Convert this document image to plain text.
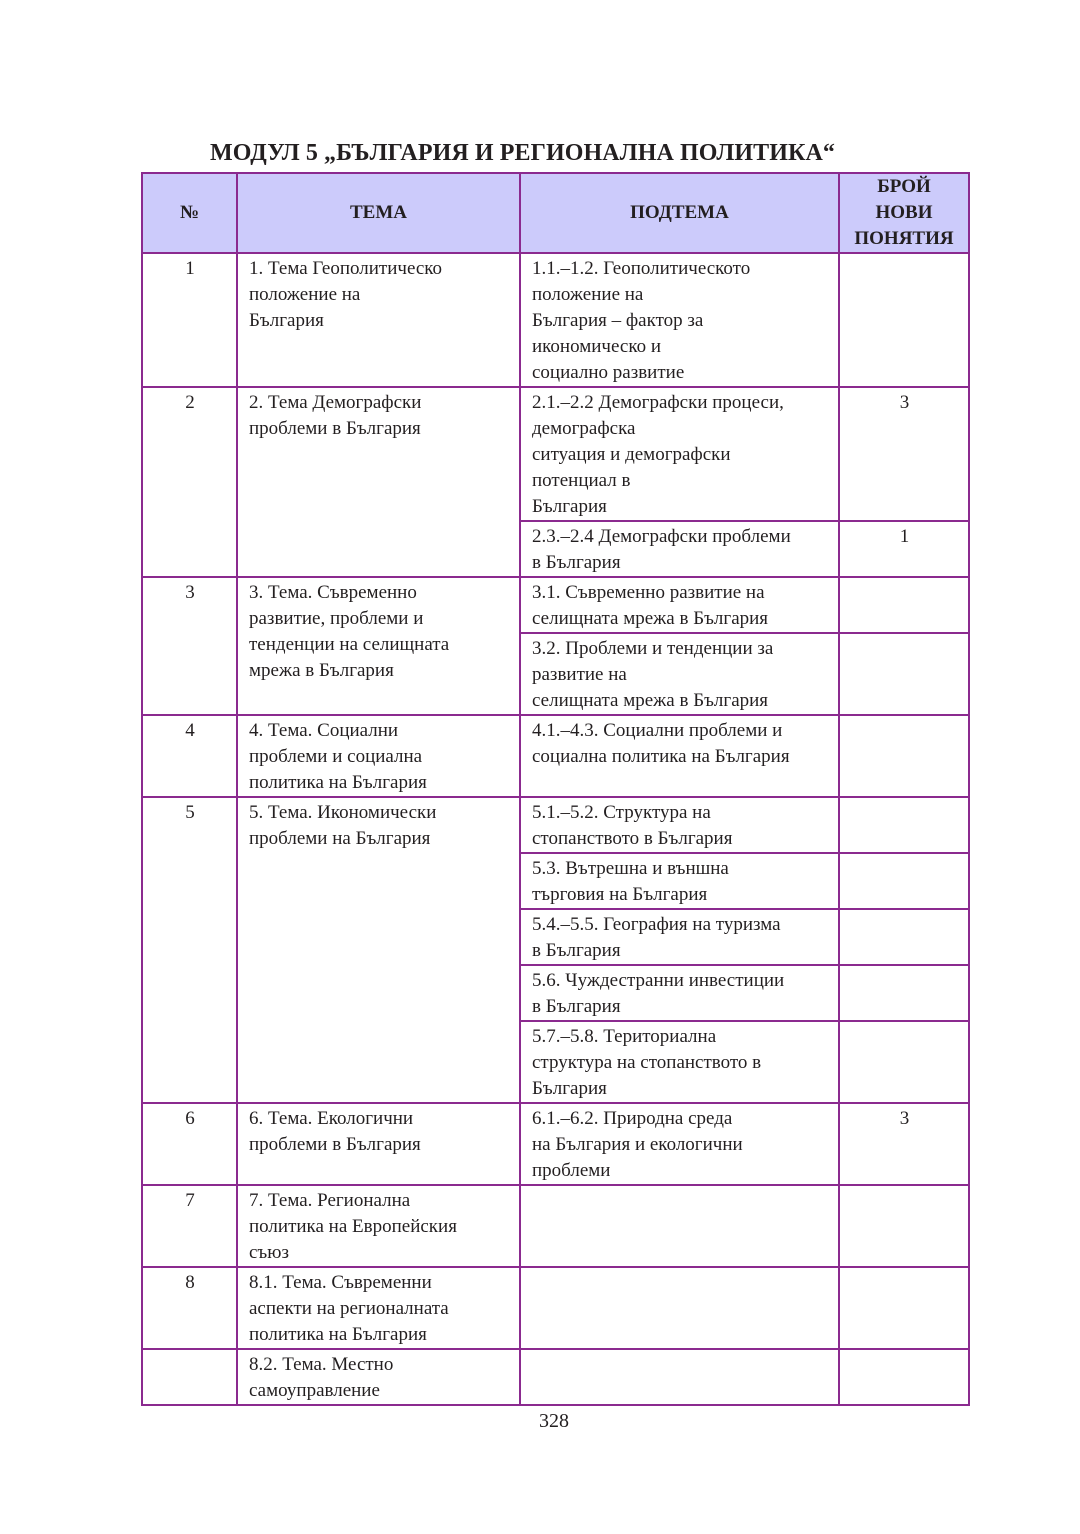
МОДУЛ 5 „БЪЛГАРИЯ И РЕГИОНАЛНА ПОЛИТИКА“
№	ТЕМА	ПОДТЕМА	БРОЙ
НОВИ
ПОНЯТИЯ

1	1. Тема Геополитическо
положение на
България	1.1.–1.2. Геополитическото
положение на
България – фактор за
икономическо и
социално развитие	

2	2. Тема Демографски
проблеми в България	2.1.–2.2 Демографски процеси,
демографска
ситуация и демографски
потенциал в
България	3

		2.3.–2.4 Демографски проблеми
в България	1
3	3. Тема. Съвременно
развитие, проблеми и
тенденции на селищната
мрежа в България	3.1. Съвременно развитие на
селищната мрежа в България	

		3.2. Проблеми и тенденции за
развитие на
селищната мрежа в България	

4	4. Тема. Социални
проблеми и социална
политика на България	4.1.–4.3. Социални проблеми и
социална политика на България	

5	5. Тема. Икономически
проблеми на България	5.1.–5.2. Структура на
стопанството в България	

		5.3. Вътрешна и външна
търговия на България	

		5.4.–5.5. География на туризма
в България	

		5.6. Чуждестранни инвестиции
в България	

		5.7.–5.8. Териториална
структура на стопанството в
България	

6	6. Тема. Екологични
проблеми в България	6.1.–6.2. Природна среда
на България и екологични
проблеми	3
7	7. Тема. Регионална
политика на Европейския
съюз		

8	8.1. Тема. Съвременни
аспекти на регионалната
политика на България		

	8.2. Тема. Местно
самоуправление		

328
